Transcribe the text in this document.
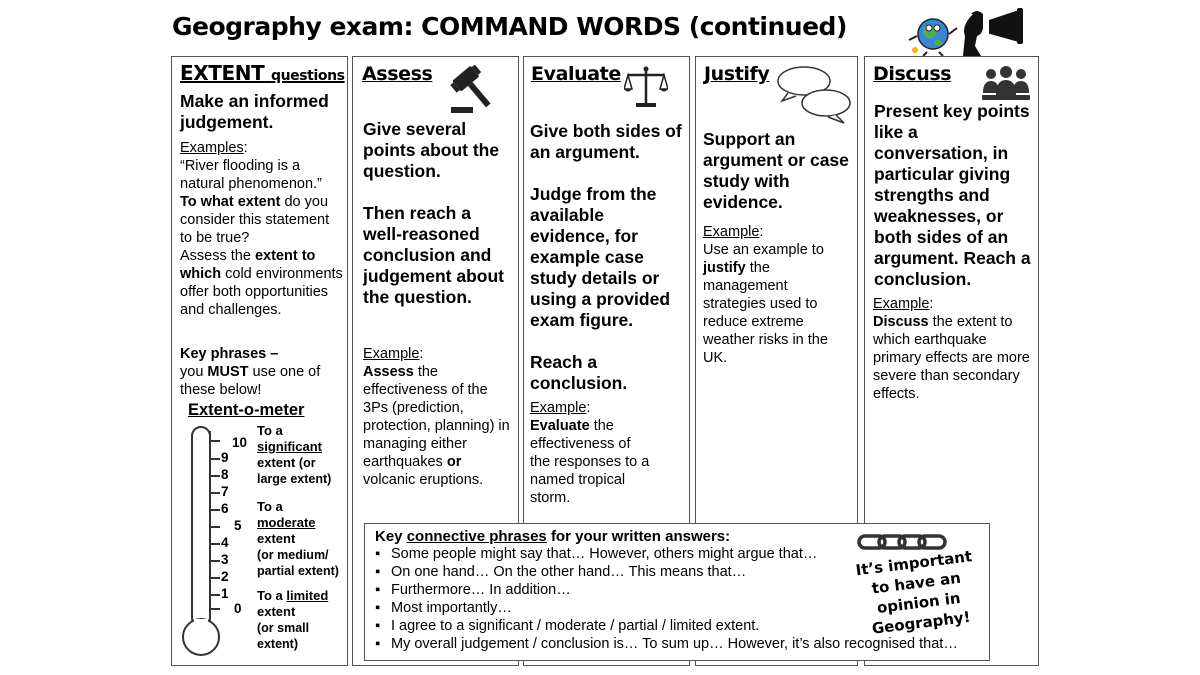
Geography exam: COMMAND WORDS (continued)
EXTENT questions
Make an informed judgement.
Examples:
“River flooding is a natural phenomenon.”
To what extent do you consider this statement to be true?
Assess the extent to which cold environments offer both opportunities and challenges.
Key phrases –
you MUST use one of these below!
Extent-o-meter
10
9
8
7
6
5
4
3
2
1
0
To a
significant
extent (or large extent)
To a
moderate
extent
(or medium/ partial extent)
To a limited
extent
(or small extent)
Assess
Give several points about the question.
Then reach a well-reasoned conclusion and judgement about the question.
Example:
Assess the effectiveness of the 3Ps (prediction, protection, planning) in managing either earthquakes or volcanic eruptions.
Evaluate
Give both sides of an argument.
Judge from the available evidence, for example case study details or using a provided exam figure.
Reach a conclusion.
Example:
Evaluate the effectiveness of the responses to a named tropical storm.
Justify
Support an argument or case study with evidence.
Example:
Use an example to justify the management strategies used to reduce extreme weather risks in the UK.
Discuss
Present key points like a conversation, in particular giving strengths and weaknesses, or both sides of an argument. Reach a conclusion.
Example:
Discuss the extent to which earthquake primary effects are more severe than secondary effects.
Key connective phrases for your written answers:
▪ Some people might say that… However, others might argue that…
▪ On one hand… On the other hand… This means that…
▪ Furthermore… In addition…
▪ Most importantly…
▪ I agree to a significant / moderate / partial / limited extent.
▪ My overall judgement / conclusion is… To sum up… However, it’s also recognised that…
It’s important to have an opinion in Geography!
